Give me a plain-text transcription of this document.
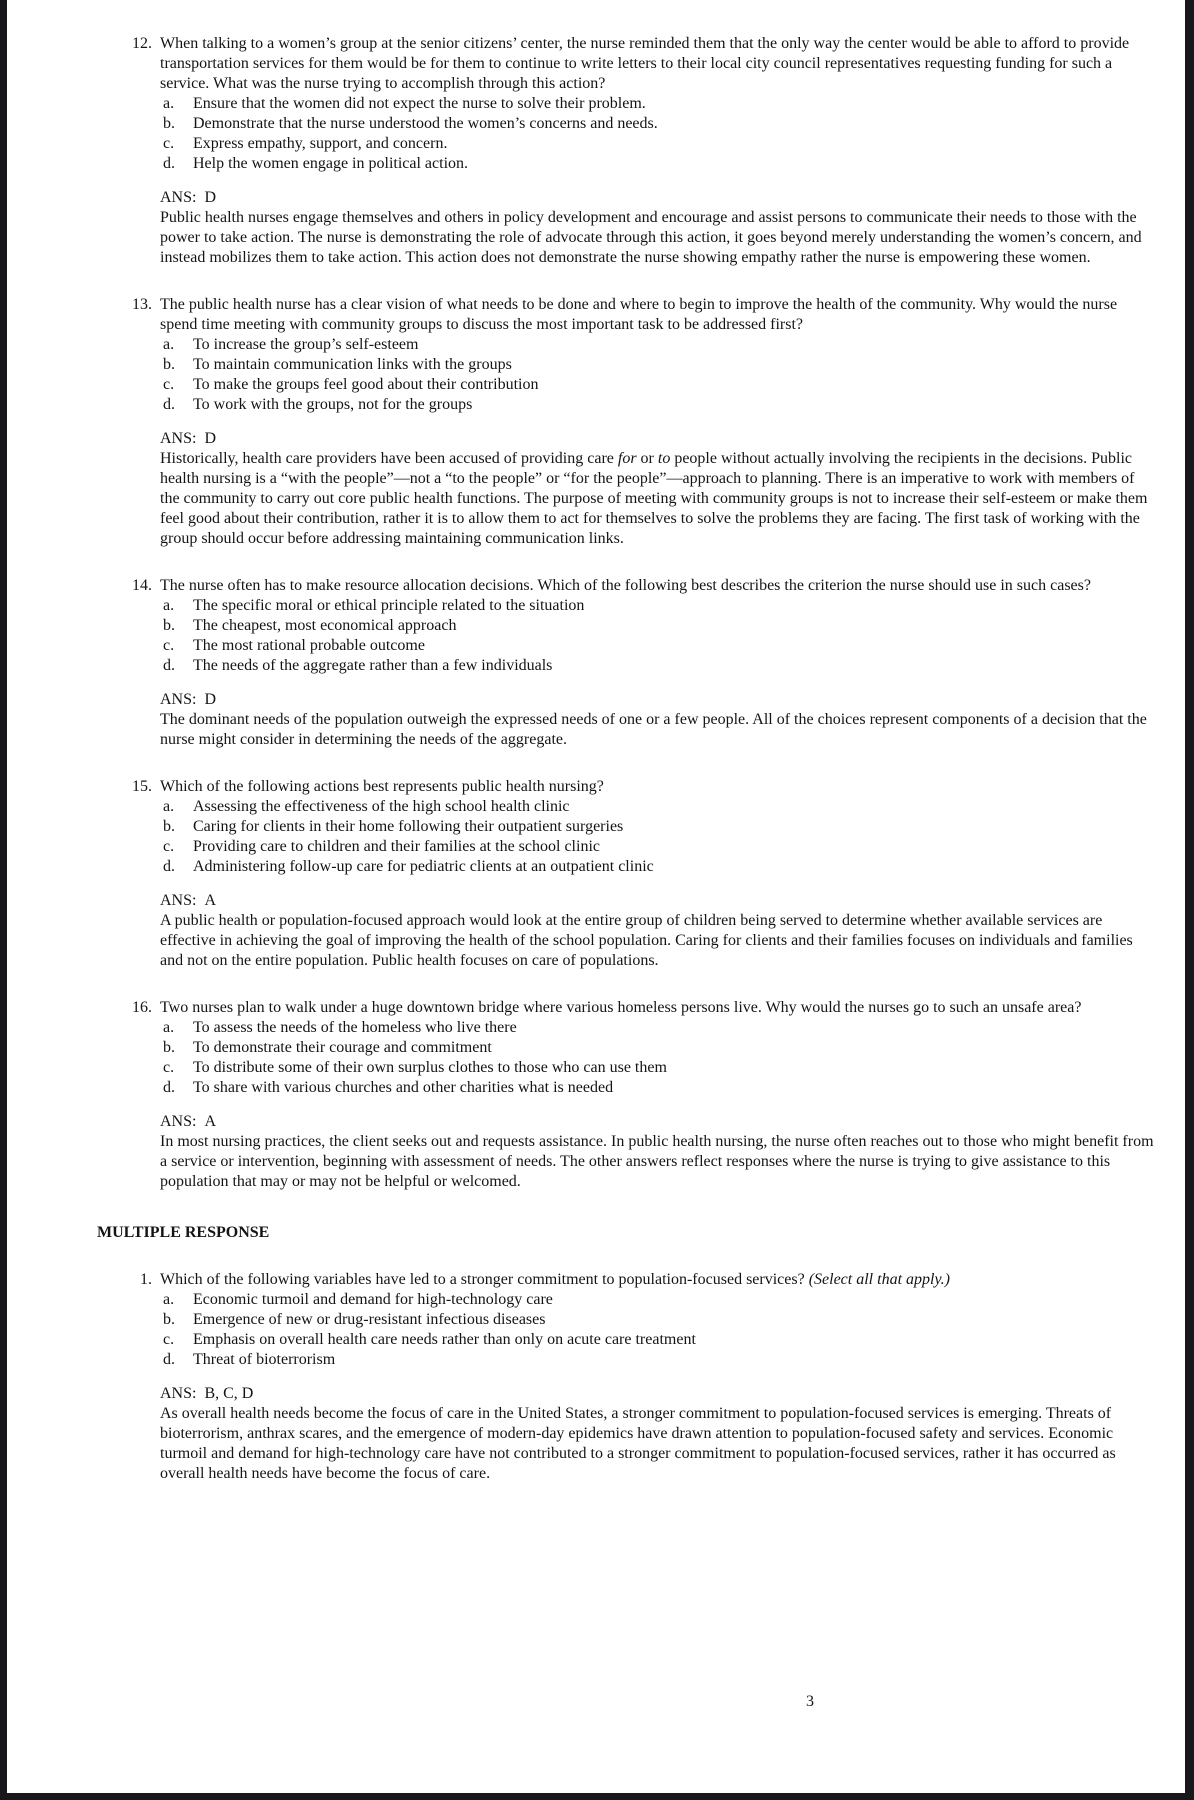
12. When talking to a women’s group at the senior citizens’ center, the nurse reminded them that the only way the center would be able to afford to provide transportation services for them would be for them to continue to write letters to their local city council representatives requesting funding for such a service. What was the nurse trying to accomplish through this action?
a.	Ensure that the women did not expect the nurse to solve their problem.
b.	Demonstrate that the nurse understood the women’s concerns and needs.
c.	Express empathy, support, and concern.
d.	Help the women engage in political action.
ANS: D
Public health nurses engage themselves and others in policy development and encourage and assist persons to communicate their needs to those with the power to take action. The nurse is demonstrating the role of advocate through this action, it goes beyond merely understanding the women’s concern, and instead mobilizes them to take action. This action does not demonstrate the nurse showing empathy rather the nurse is empowering these women.
13. The public health nurse has a clear vision of what needs to be done and where to begin to improve the health of the community. Why would the nurse spend time meeting with community groups to discuss the most important task to be addressed first?
a.	To increase the group’s self-esteem
b.	To maintain communication links with the groups
c.	To make the groups feel good about their contribution
d.	To work with the groups, not for the groups
ANS: D
Historically, health care providers have been accused of providing care for or to people without actually involving the recipients in the decisions. Public health nursing is a “with the people”—not a “to the people” or “for the people”—approach to planning. There is an imperative to work with members of the community to carry out core public health functions. The purpose of meeting with community groups is not to increase their self-esteem or make them feel good about their contribution, rather it is to allow them to act for themselves to solve the problems they are facing. The first task of working with the group should occur before addressing maintaining communication links.
14. The nurse often has to make resource allocation decisions. Which of the following best describes the criterion the nurse should use in such cases?
a.	The specific moral or ethical principle related to the situation
b.	The cheapest, most economical approach
c.	The most rational probable outcome
d.	The needs of the aggregate rather than a few individuals
ANS: D
The dominant needs of the population outweigh the expressed needs of one or a few people. All of the choices represent components of a decision that the nurse might consider in determining the needs of the aggregate.
15. Which of the following actions best represents public health nursing?
a.	Assessing the effectiveness of the high school health clinic
b.	Caring for clients in their home following their outpatient surgeries
c.	Providing care to children and their families at the school clinic
d.	Administering follow-up care for pediatric clients at an outpatient clinic
ANS: A
A public health or population-focused approach would look at the entire group of children being served to determine whether available services are effective in achieving the goal of improving the health of the school population. Caring for clients and their families focuses on individuals and families and not on the entire population. Public health focuses on care of populations.
16. Two nurses plan to walk under a huge downtown bridge where various homeless persons live. Why would the nurses go to such an unsafe area?
a.	To assess the needs of the homeless who live there
b.	To demonstrate their courage and commitment
c.	To distribute some of their own surplus clothes to those who can use them
d.	To share with various churches and other charities what is needed
ANS: A
In most nursing practices, the client seeks out and requests assistance. In public health nursing, the nurse often reaches out to those who might benefit from a service or intervention, beginning with assessment of needs. The other answers reflect responses where the nurse is trying to give assistance to this population that may or may not be helpful or welcomed.
MULTIPLE RESPONSE
1. Which of the following variables have led to a stronger commitment to population-focused services? (Select all that apply.)
a.	Economic turmoil and demand for high-technology care
b.	Emergence of new or drug-resistant infectious diseases
c.	Emphasis on overall health care needs rather than only on acute care treatment
d.	Threat of bioterrorism
ANS: B, C, D
As overall health needs become the focus of care in the United States, a stronger commitment to population-focused services is emerging. Threats of bioterrorism, anthrax scares, and the emergence of modern-day epidemics have drawn attention to population-focused safety and services. Economic turmoil and demand for high-technology care have not contributed to a stronger commitment to population-focused services, rather it has occurred as overall health needs have become the focus of care.
3
